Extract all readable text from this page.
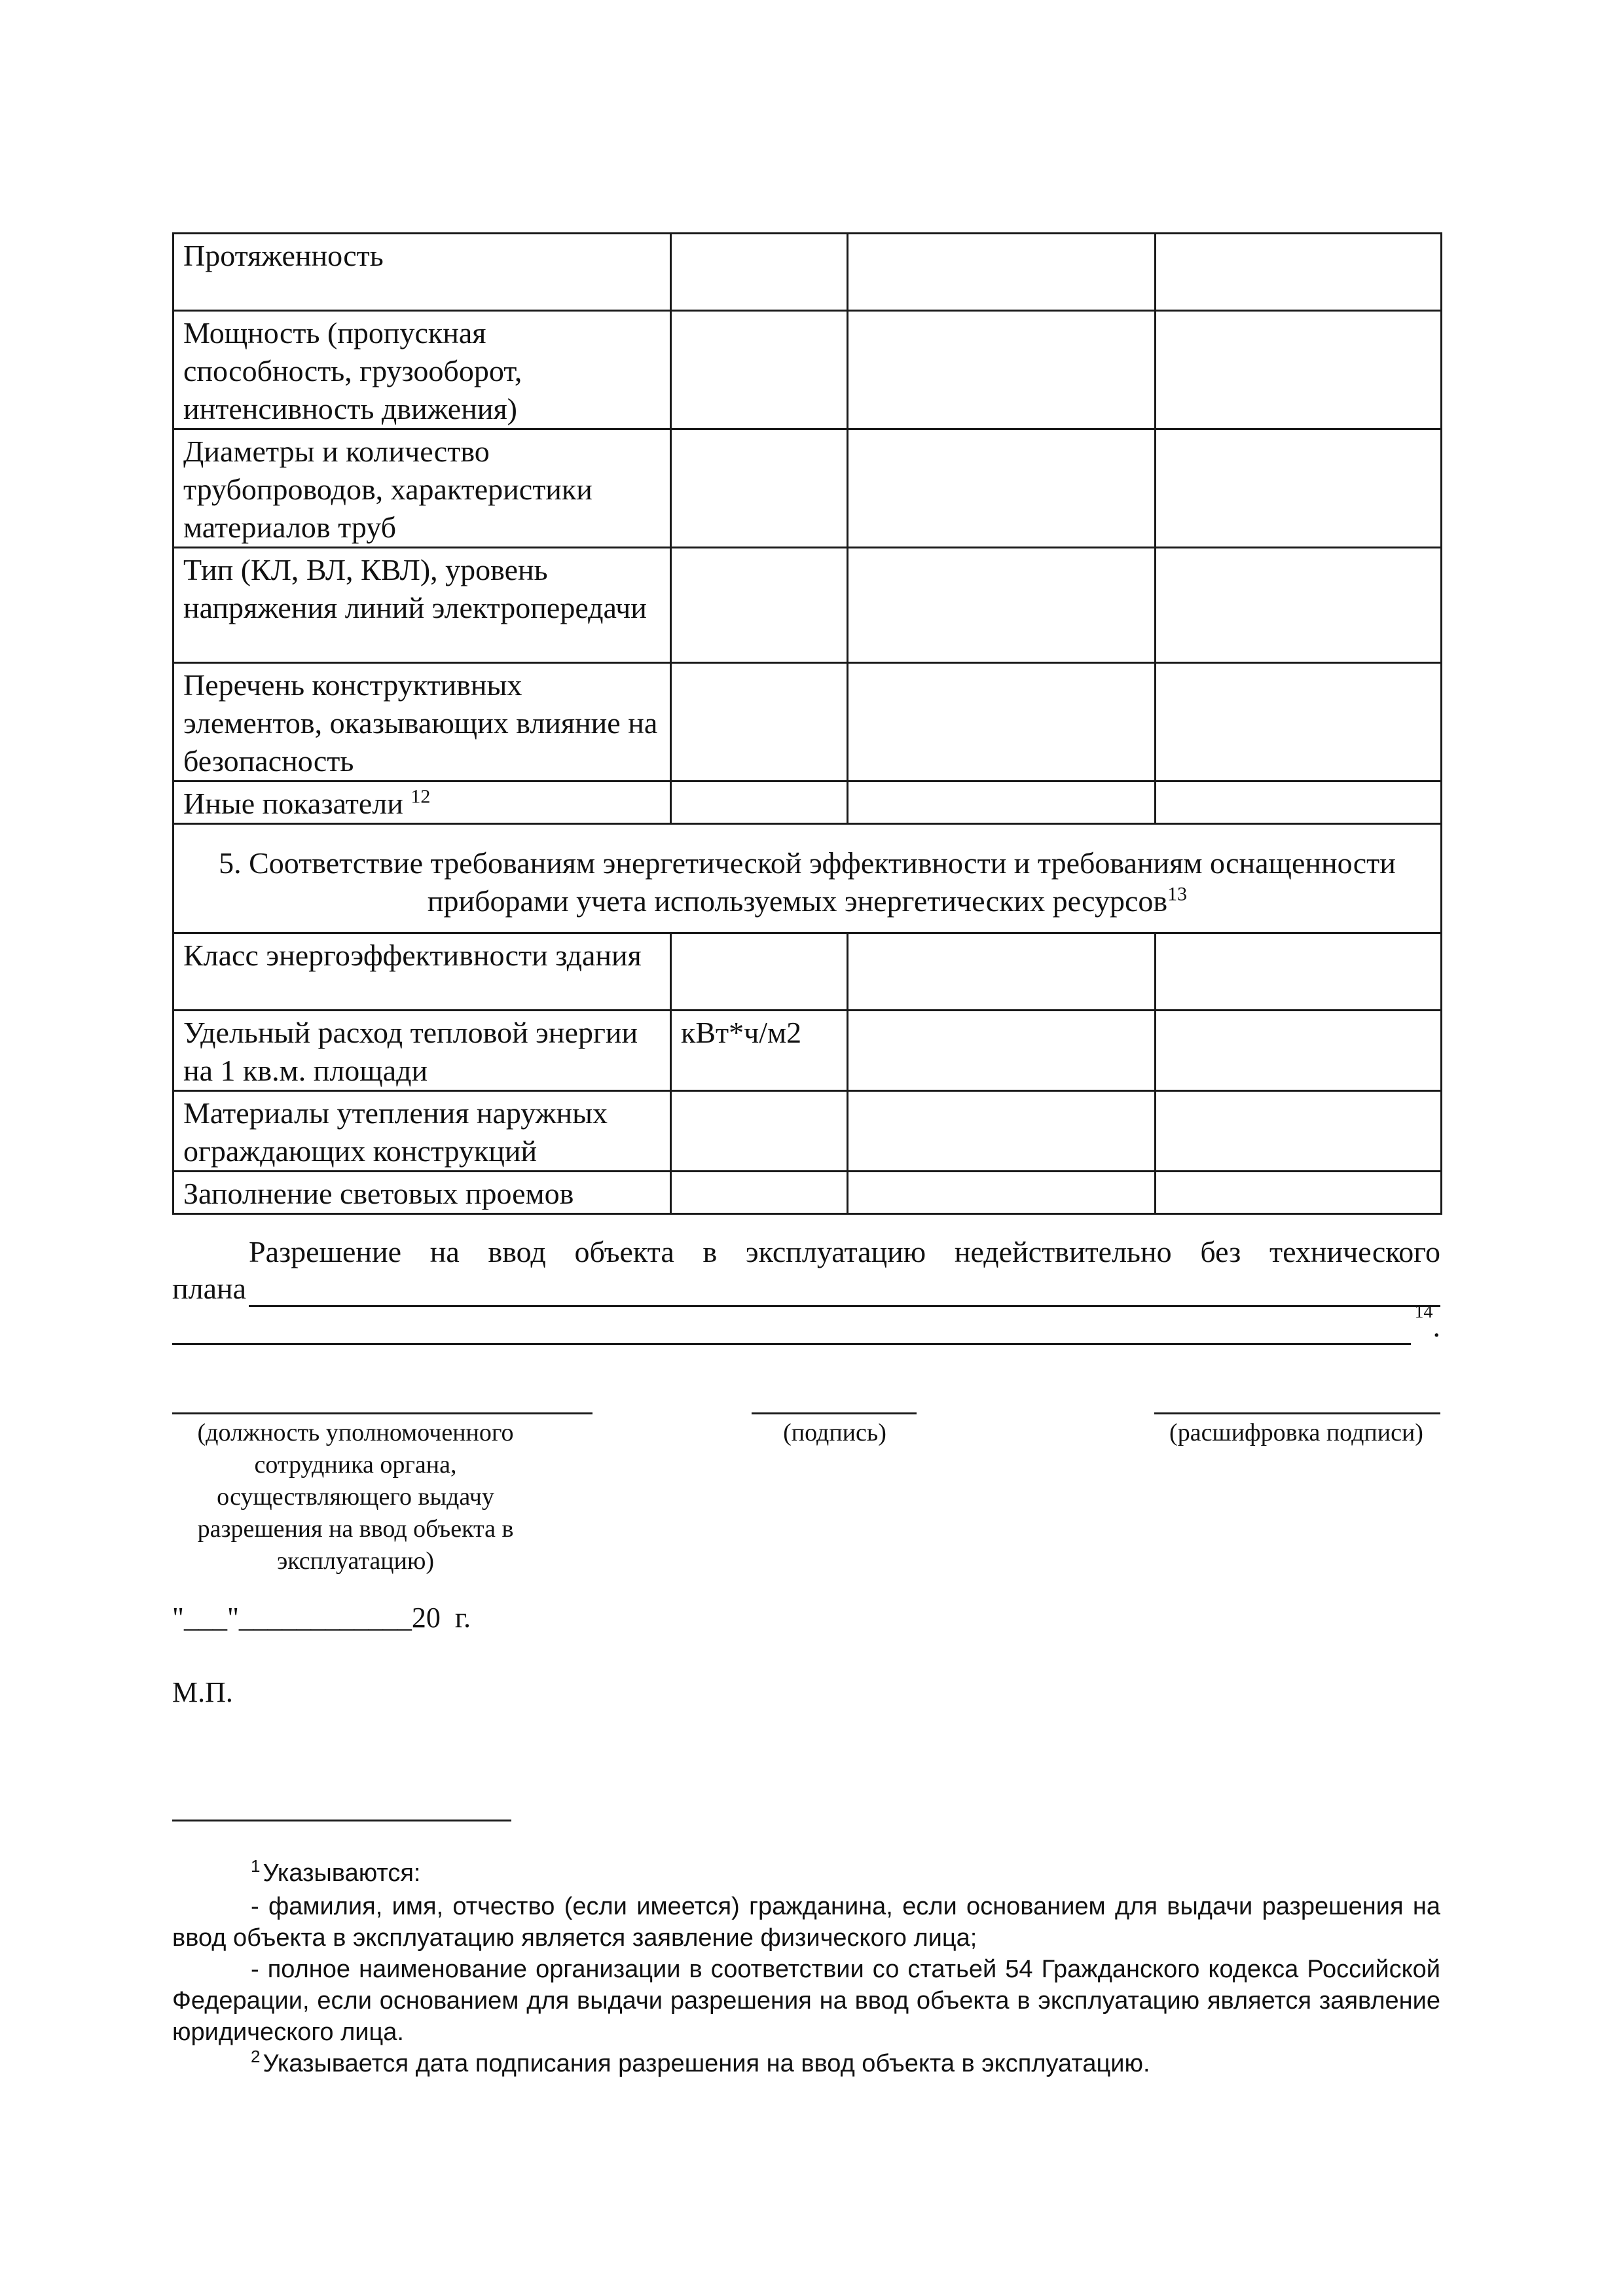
Протяженность			
Мощность (пропускная способность, грузооборот, интенсивность движения)			
Диаметры и количество трубопроводов, характеристики материалов труб			
Тип (КЛ, ВЛ, КВЛ), уровень напряжения линий электропередачи			
Перечень конструктивных элементов, оказывающих влияние на безопасность			
Иные показатели $^{12}$			
5. Соответствие требованиям энергетической эффективности и требованиям оснащенности приборами учета используемых энергетических ресурсов$^{13}$
Класс энергоэффективности здания			
Удельный расход тепловой энергии на 1 кв.м. площади	кВт*ч/м2		
Материалы утепления наружных ограждающих конструкций			
Заполнение световых проемов			
Разрешение на ввод объекта в эксплуатацию недействительно без технического
плана
14 .
(должность уполномоченного сотрудника органа, осуществляющего выдачу разрешения на ввод объекта в эксплуатацию)
(подпись)	(расшифровка подписи)
"___"____________20  г.
М.П.

$^1$ Указываются:

- фамилия, имя, отчество (если имеется) гражданина, если основанием для выдачи разрешения на ввод объекта в эксплуатацию является заявление физического лица;

- полное наименование организации в соответствии со статьей 54 Гражданского кодекса Российской Федерации, если основанием для выдачи разрешения на ввод объекта в эксплуатацию является заявление юридического лица.

$^2$ Указывается дата подписания разрешения на ввод объекта в эксплуатацию.
